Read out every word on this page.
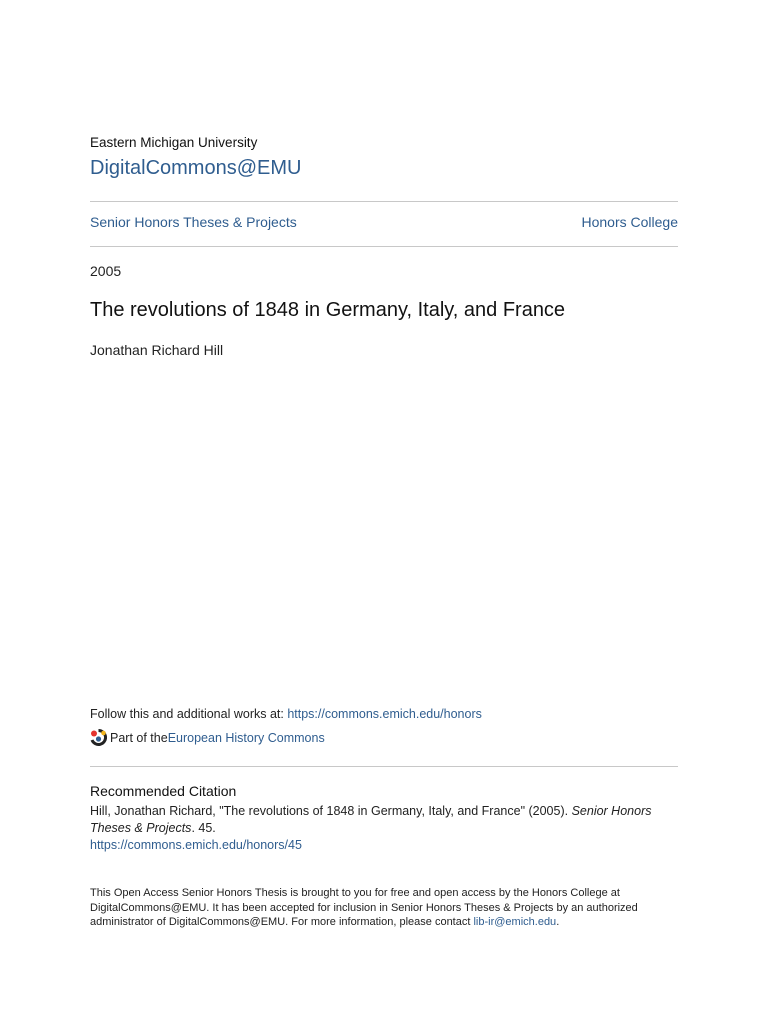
Eastern Michigan University
DigitalCommons@EMU
Senior Honors Theses & Projects	Honors College
2005
The revolutions of 1848 in Germany, Italy, and France
Jonathan Richard Hill
Follow this and additional works at: https://commons.emich.edu/honors
Part of the European History Commons
Recommended Citation
Hill, Jonathan Richard, "The revolutions of 1848 in Germany, Italy, and France" (2005). Senior Honors Theses & Projects. 45.
https://commons.emich.edu/honors/45
This Open Access Senior Honors Thesis is brought to you for free and open access by the Honors College at DigitalCommons@EMU. It has been accepted for inclusion in Senior Honors Theses & Projects by an authorized administrator of DigitalCommons@EMU. For more information, please contact lib-ir@emich.edu.
